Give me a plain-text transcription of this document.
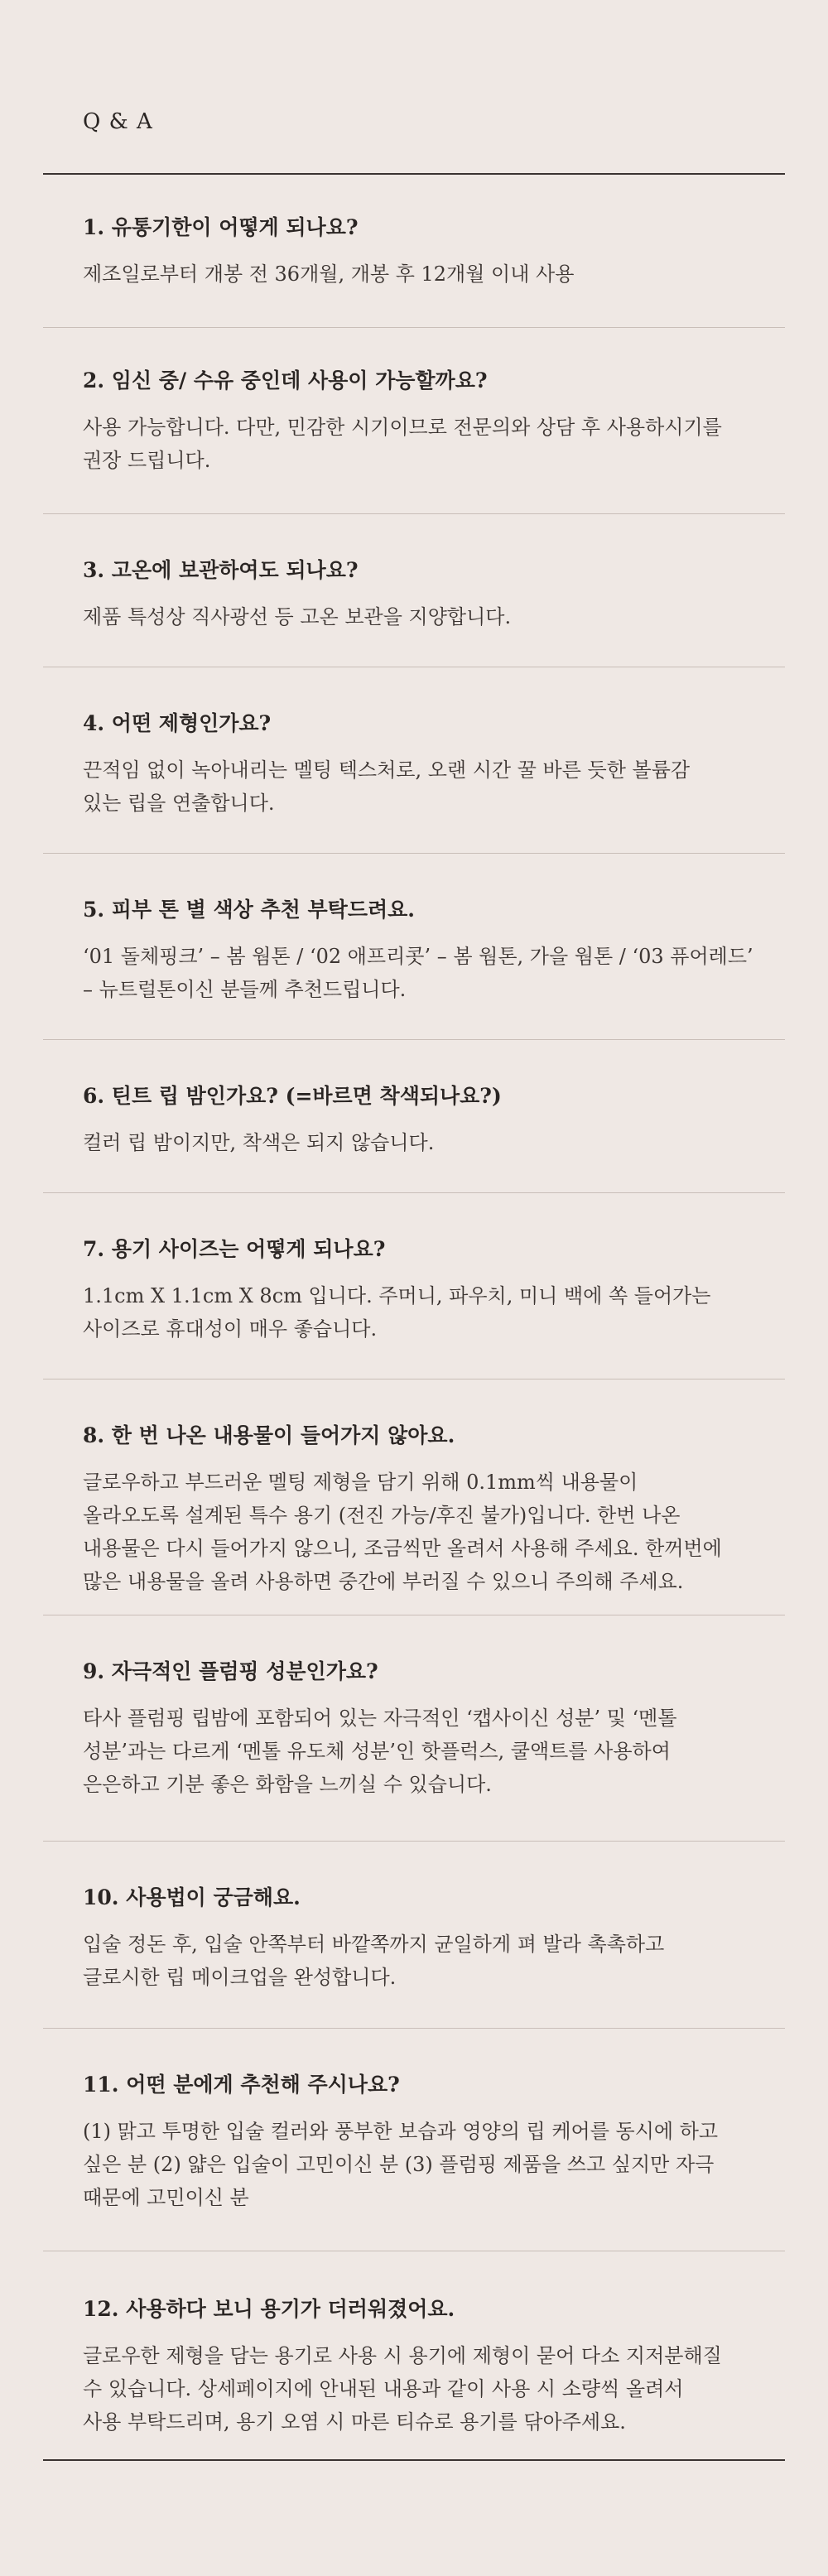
Q & A
1. 유통기한이 어떻게 되나요?
제조일로부터 개봉 전 36개월, 개봉 후 12개월 이내 사용
2. 임신 중/ 수유 중인데 사용이 가능할까요?
사용 가능합니다. 다만, 민감한 시기이므로 전문의와 상담 후 사용하시기를
권장 드립니다.
3. 고온에 보관하여도 되나요?
제품 특성상 직사광선 등 고온 보관을 지양합니다.
4. 어떤 제형인가요?
끈적임 없이 녹아내리는 멜팅 텍스처로, 오랜 시간 꿀 바른 듯한 볼륨감
있는 립을 연출합니다.
5. 피부 톤 별 색상 추천 부탁드려요.
‘01 돌체핑크’ – 봄 웜톤 / ‘02 애프리콧’ – 봄 웜톤, 가을 웜톤 / ‘03 퓨어레드’
– 뉴트럴톤이신 분들께 추천드립니다.
6. 틴트 립 밤인가요? (=바르면 착색되나요?)
컬러 립 밤이지만, 착색은 되지 않습니다.
7. 용기 사이즈는 어떻게 되나요?
1.1cm X 1.1cm X 8cm 입니다. 주머니, 파우치, 미니 백에 쏙 들어가는
사이즈로 휴대성이 매우 좋습니다.
8. 한 번 나온 내용물이 들어가지 않아요.
글로우하고 부드러운 멜팅 제형을 담기 위해 0.1mm씩 내용물이
올라오도록 설계된 특수 용기 (전진 가능/후진 불가)입니다. 한번 나온
내용물은 다시 들어가지 않으니, 조금씩만 올려서 사용해 주세요. 한꺼번에
많은 내용물을 올려 사용하면 중간에 부러질 수 있으니 주의해 주세요.
9. 자극적인 플럼핑 성분인가요?
타사 플럼핑 립밤에 포함되어 있는 자극적인 ‘캡사이신 성분’ 및 ‘멘톨
성분’과는 다르게 ‘멘톨 유도체 성분’인 핫플럭스, 쿨액트를 사용하여
은은하고 기분 좋은 화함을 느끼실 수 있습니다.
10. 사용법이 궁금해요.
입술 정돈 후, 입술 안쪽부터 바깥쪽까지 균일하게 펴 발라 촉촉하고
글로시한 립 메이크업을 완성합니다.
11. 어떤 분에게 추천해 주시나요?
(1) 맑고 투명한 입술 컬러와 풍부한 보습과 영양의 립 케어를 동시에 하고
싶은 분 (2) 얇은 입술이 고민이신 분 (3) 플럼핑 제품을 쓰고 싶지만 자극
때문에 고민이신 분
12. 사용하다 보니 용기가 더러워졌어요.
글로우한 제형을 담는 용기로 사용 시 용기에 제형이 묻어 다소 지저분해질
수 있습니다. 상세페이지에 안내된 내용과 같이 사용 시 소량씩 올려서
사용 부탁드리며, 용기 오염 시 마른 티슈로 용기를 닦아주세요.
